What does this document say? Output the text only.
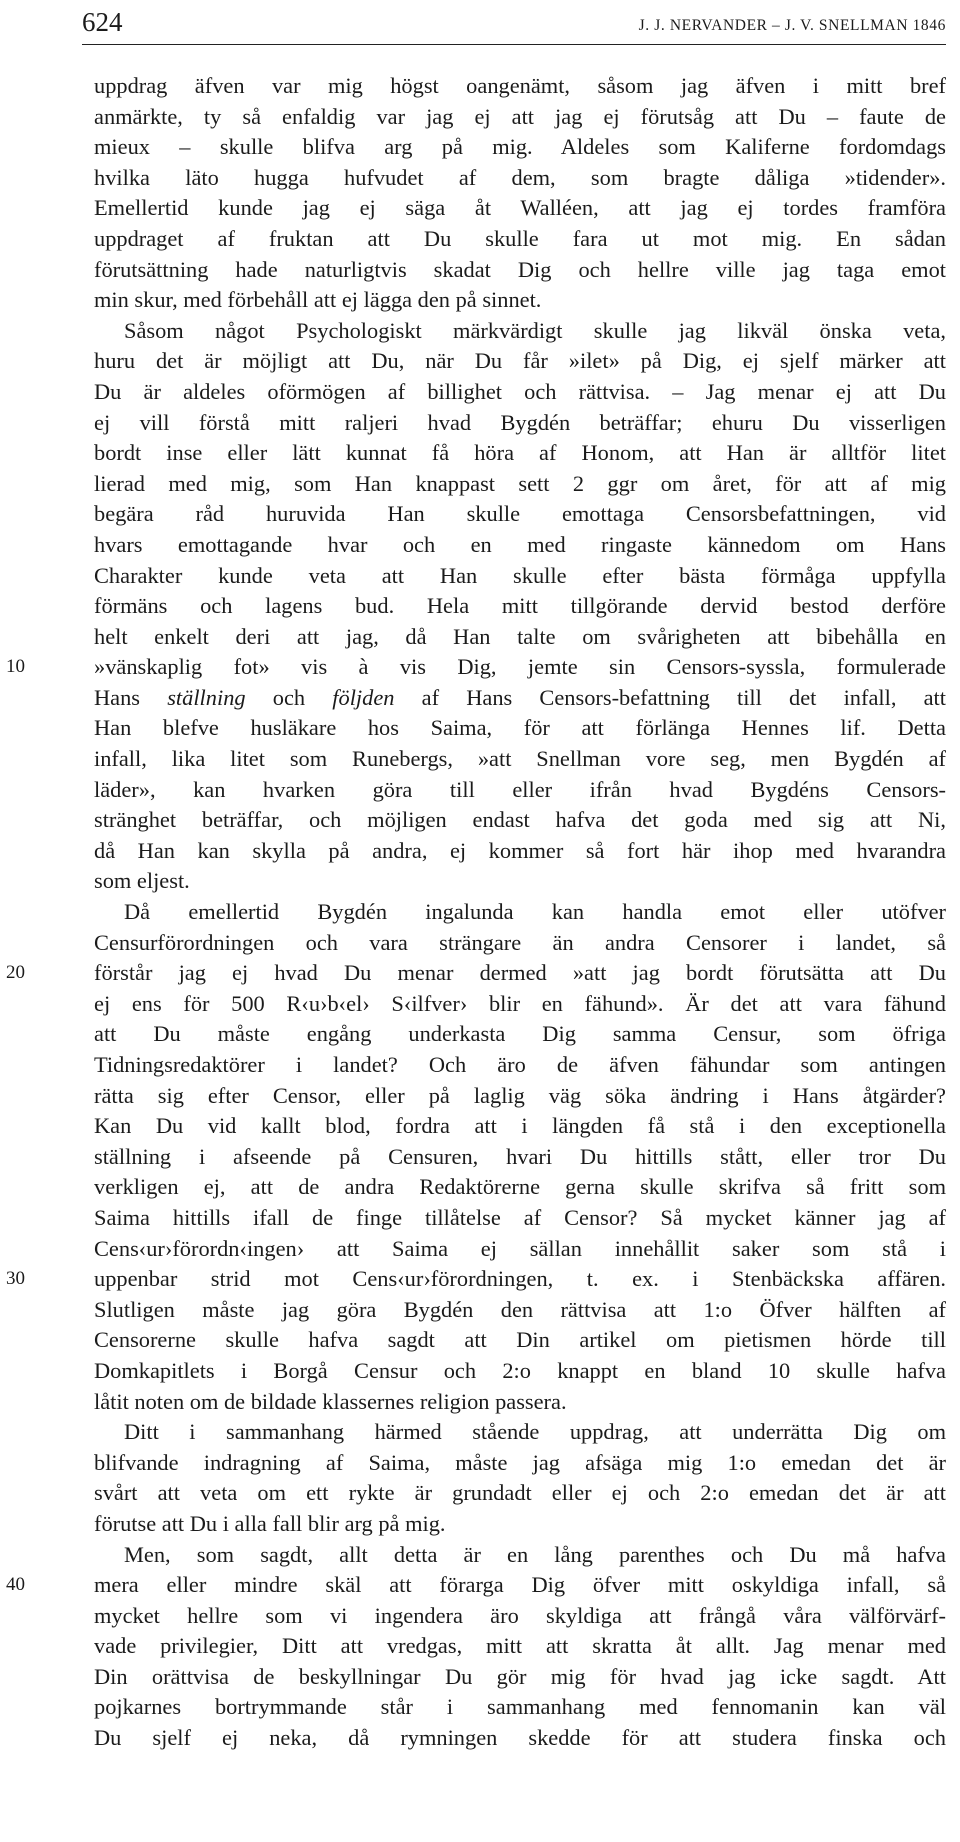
624	J. J. NERVANDER – J. V. SNELLMAN 1846
10
20
30
40
uppdrag äfven var mig högst oangenämt, såsom jag äfven i mitt bref
anmärkte, ty så enfaldig var jag ej att jag ej förutsåg att Du – faute de
mieux – skulle blifva arg på mig. Aldeles som Kaliferne fordomdags
hvilka läto hugga hufvudet af dem, som bragte dåliga »tidender».
Emellertid kunde jag ej säga åt Walléen, att jag ej tordes framföra
uppdraget af fruktan att Du skulle fara ut mot mig. En sådan
förutsättning hade naturligtvis skadat Dig och hellre ville jag taga emot
min skur, med förbehåll att ej lägga den på sinnet.
Såsom något Psychologiskt märkvärdigt skulle jag likväl önska veta,
huru det är möjligt att Du, när Du får »ilet» på Dig, ej sjelf märker att
Du är aldeles oförmögen af billighet och rättvisa. – Jag menar ej att Du
ej vill förstå mitt raljeri hvad Bygdén beträffar; ehuru Du visserligen
bordt inse eller lätt kunnat få höra af Honom, att Han är alltför litet
lierad med mig, som Han knappast sett 2 ggr om året, för att af mig
begära råd huruvida Han skulle emottaga Censorsbefattningen, vid
hvars emottagande hvar och en med ringaste kännedom om Hans
Charakter kunde veta att Han skulle efter bästa förmåga uppfylla
förmäns och lagens bud. Hela mitt tillgörande dervid bestod derföre
helt enkelt deri att jag, då Han talte om svårigheten att bibehålla en
»vänskaplig fot» vis à vis Dig, jemte sin Censors-syssla, formulerade
Hans ställning och följden af Hans Censors-befattning till det infall, att
Han blefve husläkare hos Saima, för att förlänga Hennes lif. Detta
infall, lika litet som Runebergs, »att Snellman vore seg, men Bygdén af
läder», kan hvarken göra till eller ifrån hvad Bygdéns Censors-
stränghet beträffar, och möjligen endast hafva det goda med sig att Ni,
då Han kan skylla på andra, ej kommer så fort här ihop med hvarandra
som eljest.
Då emellertid Bygdén ingalunda kan handla emot eller utöfver
Censurförordningen och vara strängare än andra Censorer i landet, så
förstår jag ej hvad Du menar dermed »att jag bordt förutsätta att Du
ej ens för 500 R‹u›b‹el› S‹ilfver› blir en fähund». Är det att vara fähund
att Du måste engång underkasta Dig samma Censur, som öfriga
Tidningsredaktörer i landet? Och äro de äfven fähundar som antingen
rätta sig efter Censor, eller på laglig väg söka ändring i Hans åtgärder?
Kan Du vid kallt blod, fordra att i längden få stå i den exceptionella
ställning i afseende på Censuren, hvari Du hittills stått, eller tror Du
verkligen ej, att de andra Redaktörerne gerna skulle skrifva så fritt som
Saima hittills ifall de finge tillåtelse af Censor? Så mycket känner jag af
Cens‹ur›förordn‹ingen› att Saima ej sällan innehållit saker som stå i
uppenbar strid mot Cens‹ur›förordningen, t. ex. i Stenbäckska affären.
Slutligen måste jag göra Bygdén den rättvisa att 1:o Öfver hälften af
Censorerne skulle hafva sagdt att Din artikel om pietismen hörde till
Domkapitlets i Borgå Censur och 2:o knappt en bland 10 skulle hafva
låtit noten om de bildade klassernes religion passera.
Ditt i sammanhang härmed stående uppdrag, att underrätta Dig om
blifvande indragning af Saima, måste jag afsäga mig 1:o emedan det är
svårt att veta om ett rykte är grundadt eller ej och 2:o emedan det är att
förutse att Du i alla fall blir arg på mig.
Men, som sagdt, allt detta är en lång parenthes och Du må hafva
mera eller mindre skäl att förarga Dig öfver mitt oskyldiga infall, så
mycket hellre som vi ingendera äro skyldiga att frångå våra välförvärf-
vade privilegier, Ditt att vredgas, mitt att skratta åt allt. Jag menar med
Din orättvisa de beskyllningar Du gör mig för hvad jag icke sagdt. Att
pojkarnes bortrymmande står i sammanhang med fennomanin kan väl
Du sjelf ej neka, då rymningen skedde för att studera finska och
